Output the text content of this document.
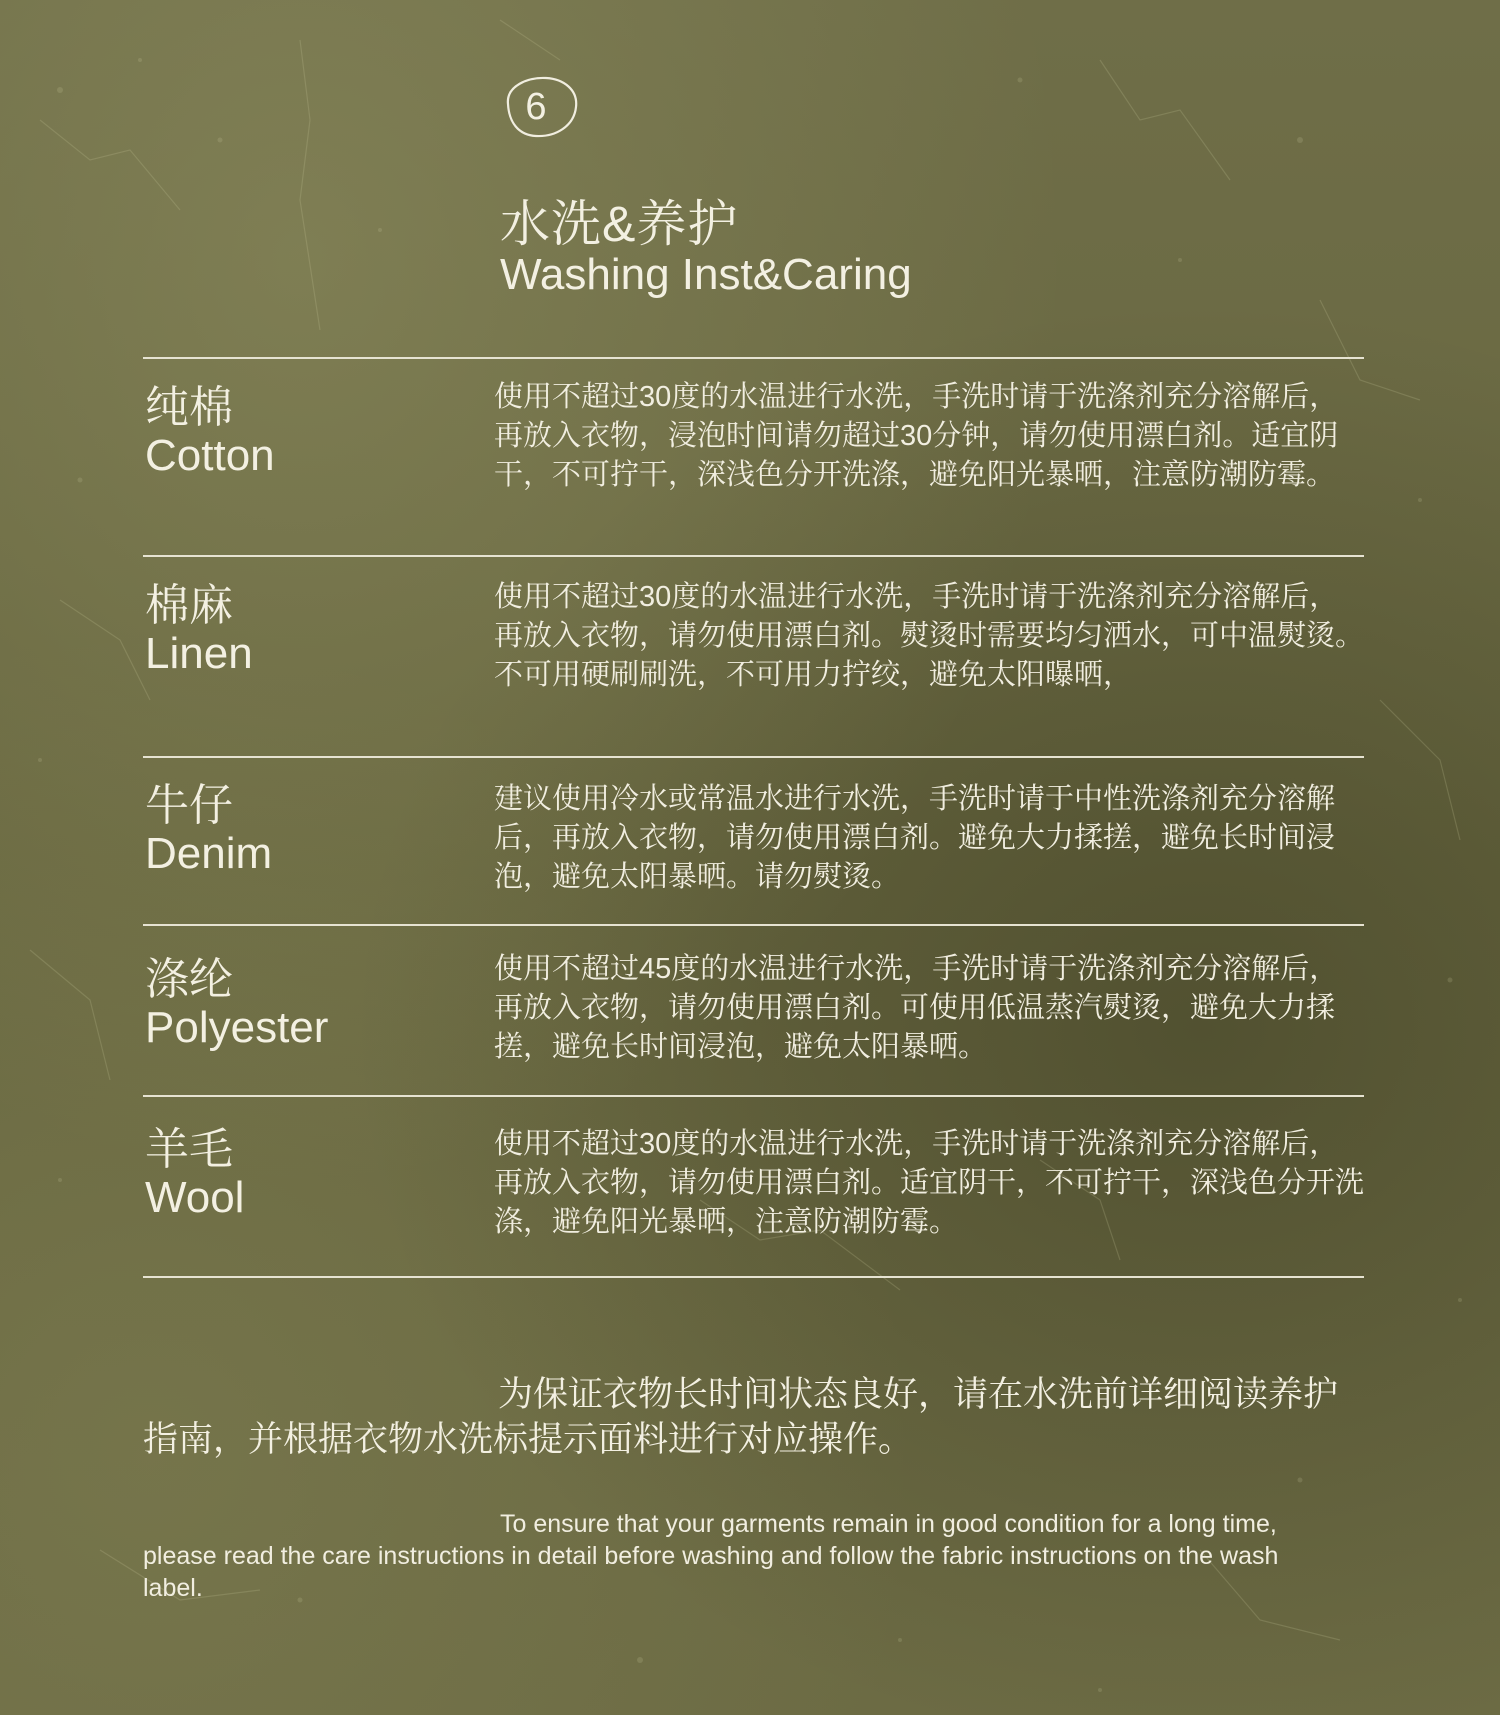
6
水洗&养护
Washing Inst&Caring
纯棉
Cotton
使用不超过30度的水温进行水洗，手洗时请于洗涤剂充分溶解后，再放入衣物，浸泡时间请勿超过30分钟，请勿使用漂白剂。适宜阴干，不可拧干，深浅色分开洗涤，避免阳光暴晒，注意防潮防霉。
棉麻
Linen
使用不超过30度的水温进行水洗，手洗时请于洗涤剂充分溶解后，再放入衣物，请勿使用漂白剂。熨烫时需要均匀洒水，可中温熨烫。不可用硬刷刷洗，不可用力拧绞，避免太阳曝晒，
牛仔
Denim
建议使用冷水或常温水进行水洗，手洗时请于中性洗涤剂充分溶解后，再放入衣物，请勿使用漂白剂。避免大力揉搓，避免长时间浸泡，避免太阳暴晒。请勿熨烫。
涤纶
Polyester
使用不超过45度的水温进行水洗，手洗时请于洗涤剂充分溶解后，再放入衣物，请勿使用漂白剂。可使用低温蒸汽熨烫，避免大力揉搓，避免长时间浸泡，避免太阳暴晒。
羊毛
Wool
使用不超过30度的水温进行水洗，手洗时请于洗涤剂充分溶解后，再放入衣物，请勿使用漂白剂。适宜阴干，不可拧干，深浅色分开洗涤，避免阳光暴晒，注意防潮防霉。
为保证衣物长时间状态良好，请在水洗前详细阅读养护指南，并根据衣物水洗标提示面料进行对应操作。
To ensure that your garments remain in good condition for a long time, please read the care instructions in detail before washing and follow the fabric instructions on the wash label.
